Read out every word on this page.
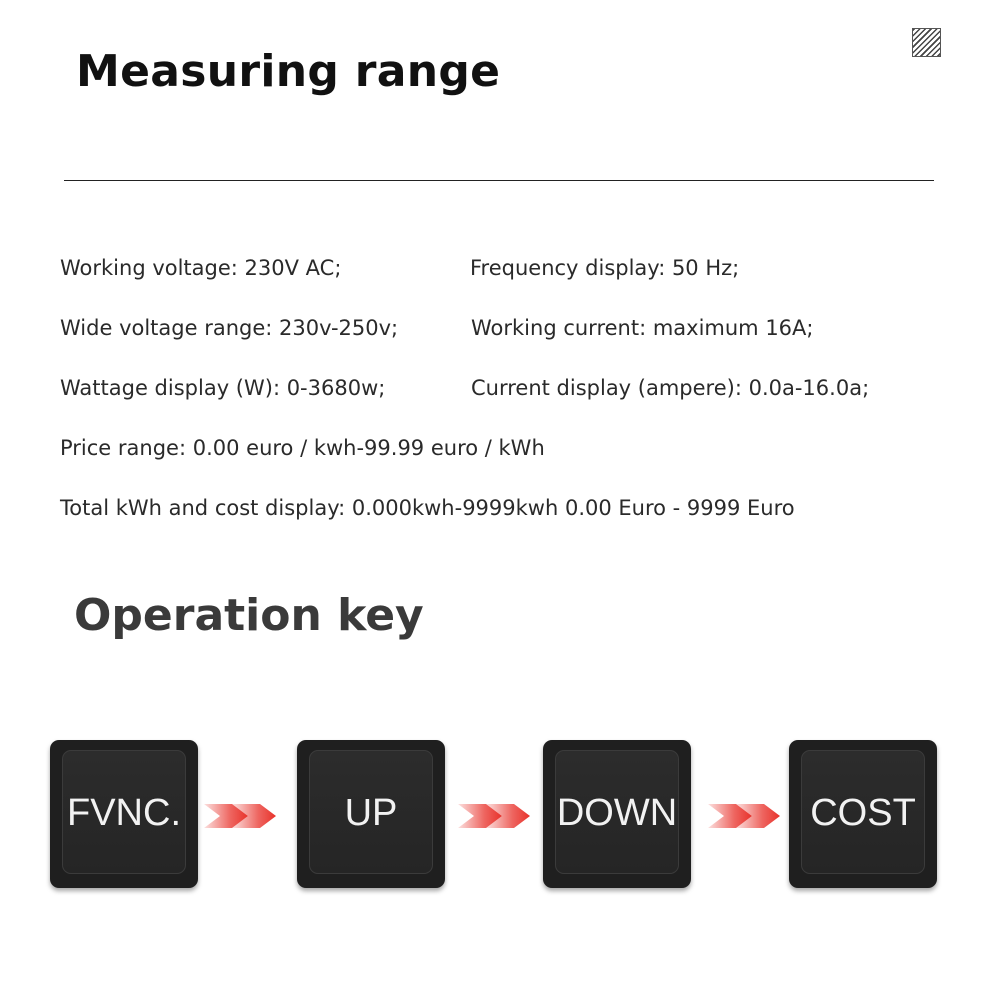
Measuring range

Working voltage: 230V AC;	Frequency display: 50 Hz;

Wide voltage range: 230v-250v;	Working current: maximum 16A;

Wattage display (W): 0-3680w;	Current display (ampere): 0.0a-16.0a;

Price range: 0.00 euro / kwh-99.99 euro / kWh

Total kWh and cost display: 0.000kwh-9999kwh 0.00 Euro - 9999 Euro

Operation key
FVNC.	UP	DOWN	COST
